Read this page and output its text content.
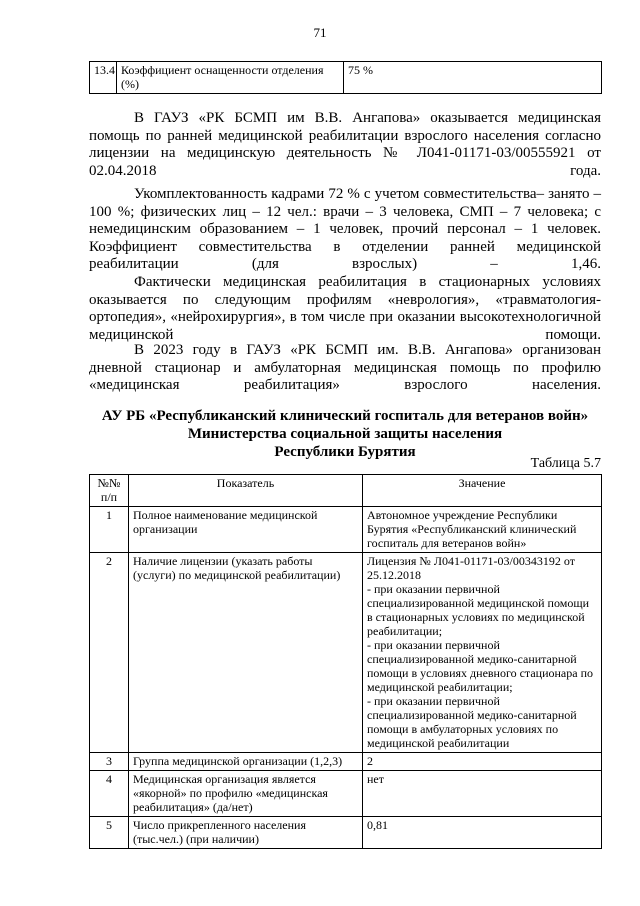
71
13.4	Коэффициент оснащенности отделения (%)	75 %

В ГАУЗ «РК БСМП им В.В. Ангапова» оказывается медицинская помощь по ранней медицинской реабилитации взрослого населения согласно лицензии на медицинскую деятельность № Л041-01171-03/00555921 от 02.04.2018 года.

Укомплектованность кадрами 72 % с учетом совместительства– занято – 100 %; физических лиц – 12 чел.: врачи – 3 человека, СМП – 7 человека; с немедицинским образованием – 1 человек, прочий персонал – 1 человек. Коэффициент совместительства в отделении ранней медицинской реабилитации (для взрослых) – 1,46.

Фактически медицинская реабилитация в стационарных условиях оказывается по следующим профилям «неврология», «травматология-ортопедия», «нейрохирургия», в том числе при оказании высокотехнологичной медицинской помощи.

В 2023 году в ГАУЗ «РК БСМП им. В.В. Ангапова» организован дневной стационар и амбулаторная медицинская помощь по профилю «медицинская реабилитация» взрослого населения.

АУ РБ «Республиканский клинический госпиталь для ветеранов войн»
Министерства социальной защиты населения
Республики Бурятия
Таблица 5.7
№№ п/п	Показатель	Значение
1	Полное наименование медицинской организации	Автономное учреждение Республики Бурятия «Республиканский клинический госпиталь для ветеранов войн»

2	Наличие лицензии (указать работы (услуги) по медицинской реабилитации)	Лицензия № Л041-01171-03/00343192 от 25.12.2018
- при оказании первичной специализированной медицинской помощи в стационарных условиях по медицинской реабилитации;
- при оказании первичной специализированной медико-санитарной помощи в условиях дневного стационара по медицинской реабилитации;
- при оказании первичной специализированной медико-санитарной помощи в амбулаторных условиях по медицинской реабилитации

3	Группа медицинской организации (1,2,3)	2

4	Медицинская организация является «якорной» по профилю «медицинская реабилитация» (да/нет)	нет

5	Число прикрепленного населения (тыс.чел.) (при наличии)	0,81
